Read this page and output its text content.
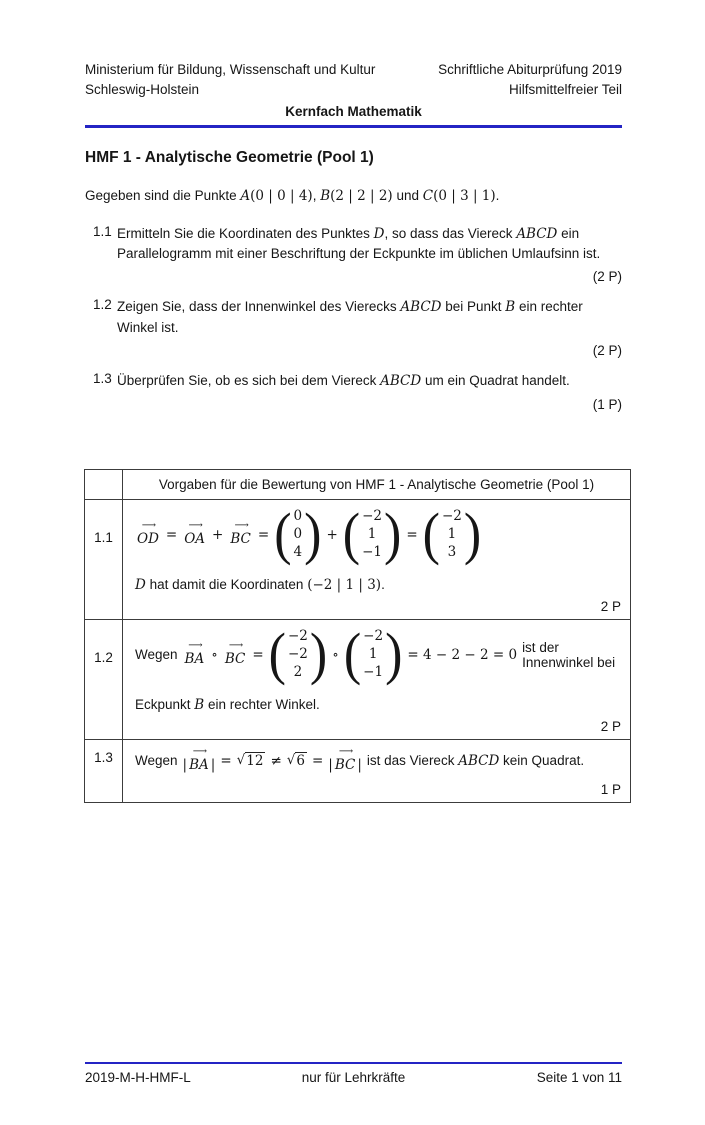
Ministerium für Bildung, Wissenschaft und Kultur
Schleswig-Holstein
Schriftliche Abiturprüfung 2019
Hilfsmittelfreier Teil
Kernfach Mathematik
HMF 1 - Analytische Geometrie (Pool 1)

Gegeben sind die Punkte A(0 | 0 | 4), B(2 | 2 | 2) und C(0 | 3 | 1).

1.1 Ermitteln Sie die Koordinaten des Punktes D, so dass das Viereck ABCD ein Parallelogramm mit einer Beschriftung der Eckpunkte im üblichen Umlaufsinn ist.
(2 P)
1.2 Zeigen Sie, dass der Innenwinkel des Vierecks ABCD bei Punkt B ein rechter Winkel ist.
(2 P)
1.3 Überprüfen Sie, ob es sich bei dem Viereck ABCD um ein Quadrat handelt.
(1 P)

Vorgaben für die Bewertung von HMF 1 - Analytische Geometrie (Pool 1)

1.1

⟶
OD =
⟶
OA +
⟶
BC = ( 0
0
4 ) + ( −2
1
−1 ) = ( −2
1
3 )
D hat damit die Koordinaten (−2 | 1 | 3).
2 P

1.2	Wegen
⟶
BA ∘
⟶
BC = ( −2
−2
2 ) ∘ ( −2
1
−1 ) = 4 − 2 − 2 = 0 ist der Innenwinkel bei
Eckpunkt B ein rechter Winkel.
2 P

1.3	Wegen |
⟶
BA | = √ 12 ≠ √ 6 = |
⟶
BC | ist das Viereck ABCD kein Quadrat.
1 P
nur für Lehrkräfte
2019-M-H-HMF-L	Seite 1 von 11
